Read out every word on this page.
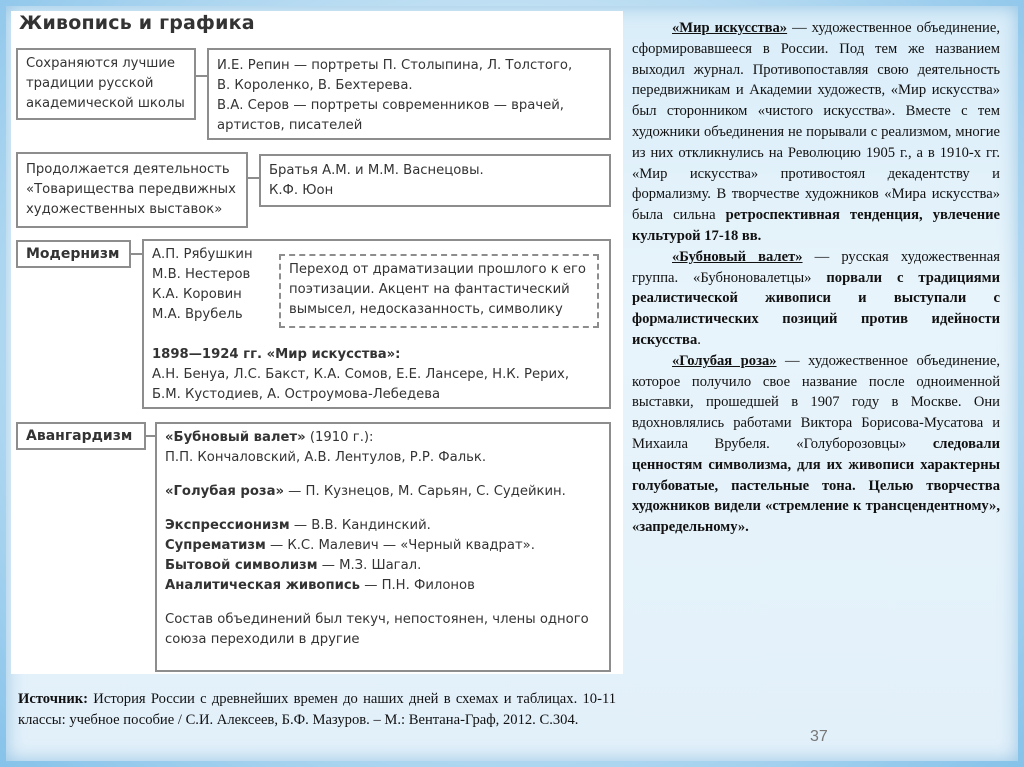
Живопись и графика
Сохраняются лучшие
традиции русской
академической школы
И.Е. Репин — портреты П. Столыпина, Л. Толстого,
В. Короленко, В. Бехтерева.
В.А. Серов — портреты современников — врачей,
артистов, писателей
Продолжается деятельность
«Товарищества передвижных
художественных выставок»
Братья А.М. и М.М. Васнецовы.
К.Ф. Юон
Модернизм	А.П. Рябушкин
М.В. Нестеров
К.А. Коровин
М.А. Врубель
Переход от драматизации прошлого к его
поэтизации. Акцент на фантастический
вымысел, недосказанность, символику
1898—1924 гг. «Мир искусства»:
А.Н. Бенуа, Л.С. Бакст, К.А. Сомов, Е.Е. Лансере, Н.К. Рерих,
Б.М. Кустодиев, А. Остроумова-Лебедева
Авангардизм	«Бубновый валет» (1910 г.):
П.П. Кончаловский, А.В. Лентулов, Р.Р. Фальк.
«Голубая роза» — П. Кузнецов, М. Сарьян, С. Судейкин.
Экспрессионизм — В.В. Кандинский.
Супрематизм — К.С. Малевич — «Черный квадрат».
Бытовой символизм — М.З. Шагал.
Аналитическая живопись — П.Н. Филонов
Состав объединений был текуч, непостоянен, члены одного
союза переходили в другие

«Мир искусства» — художественное объединение, сформировавшееся в России. Под тем же названием выходил журнал. Противопоставляя свою деятельность передвижникам и Академии художеств, «Мир искусства» был сторонником «чистого искусства». Вместе с тем художники объединения не порывали с реализмом, многие из них откликнулись на Революцию 1905 г., а в 1910-х гг. «Мир искусства» противостоял декадентству и формализму. В творчестве художников «Мира искусства» была сильна ретроспективная тенденция, увлечение культурой 17-18 вв.

«Бубновый валет» — русская художественная группа. «Бубноновалетцы» порвали с традициями реалистической живописи и выступали с формалистических позиций против идейности искусства.

«Голубая роза» — художественное объединение, которое получило свое название после одноименной выставки, прошедшей в 1907 году в Москве. Они вдохновлялись работами Виктора Борисова-Мусатова и Михаила Врубеля. «Голуборозовцы» следовали ценностям символизма, для их живописи характерны голубоватые, пастельные тона. Целью творчества художников видели «стремление к трансцендентному», «запредельному».

Источник: История России с древнейших времен до наших дней в схемах и таблицах. 10-11 классы: учебное пособие / С.И. Алексеев, Б.Ф. Мазуров. – М.: Вентана-Граф, 2012. С.304.
37
